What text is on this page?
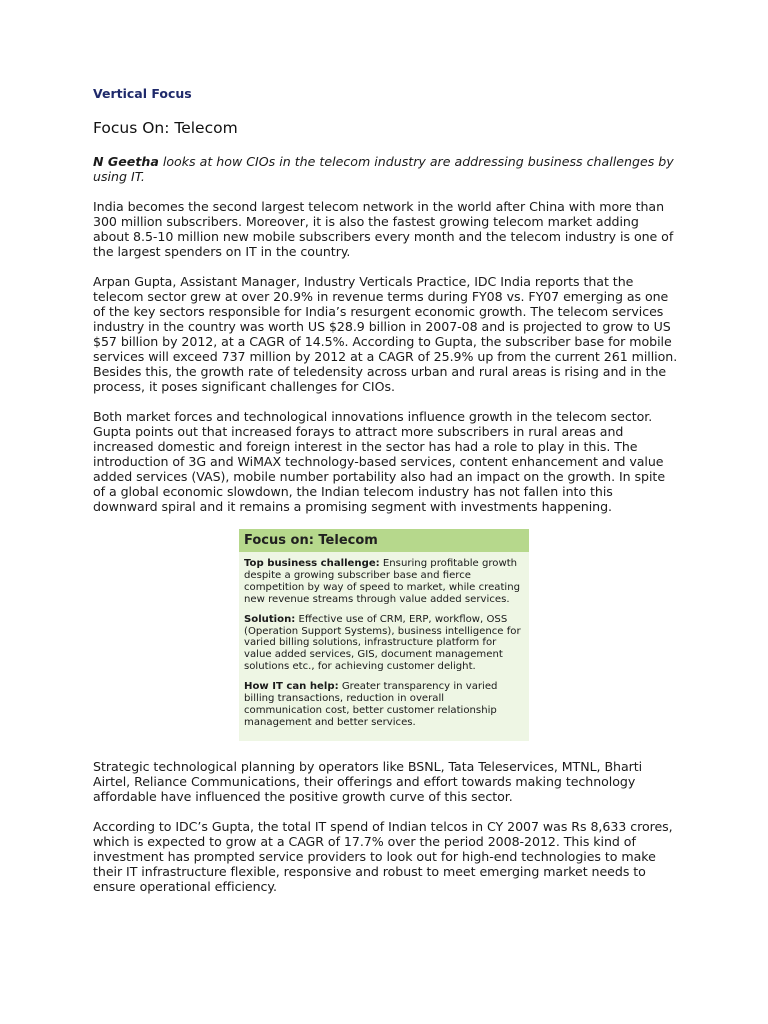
Vertical Focus
Focus On: Telecom

N Geetha looks at how CIOs in the telecom industry are addressing business challenges by using IT.

India becomes the second largest telecom network in the world after China with more than 300 million subscribers. Moreover, it is also the fastest growing telecom market adding about 8.5-10 million new mobile subscribers every month and the telecom industry is one of the largest spenders on IT in the country.

Arpan Gupta, Assistant Manager, Industry Verticals Practice, IDC India reports that the telecom sector grew at over 20.9% in revenue terms during FY08 vs. FY07 emerging as one of the key sectors responsible for India’s resurgent economic growth. The telecom services industry in the country was worth US $28.9 billion in 2007-08 and is projected to grow to US $57 billion by 2012, at a CAGR of 14.5%. According to Gupta, the subscriber base for mobile services will exceed 737 million by 2012 at a CAGR of 25.9% up from the current 261 million. Besides this, the growth rate of teledensity across urban and rural areas is rising and in the process, it poses significant challenges for CIOs.

Both market forces and technological innovations influence growth in the telecom sector. Gupta points out that increased forays to attract more subscribers in rural areas and increased domestic and foreign interest in the sector has had a role to play in this. The introduction of 3G and WiMAX technology-based services, content enhancement and value added services (VAS), mobile number portability also had an impact on the growth. In spite of a global economic slowdown, the Indian telecom industry has not fallen into this downward spiral and it remains a promising segment with investments happening.

Focus on: Telecom

Top business challenge: Ensuring profitable growth despite a growing subscriber base and fierce competition by way of speed to market, while creating new revenue streams through value added services.

Solution: Effective use of CRM, ERP, workflow, OSS (Operation Support Systems), business intelligence for varied billing solutions, infrastructure platform for value added services, GIS, document management solutions etc., for achieving customer delight.

How IT can help: Greater transparency in varied billing transactions, reduction in overall communication cost, better customer relationship management and better services.

Strategic technological planning by operators like BSNL, Tata Teleservices, MTNL, Bharti Airtel, Reliance Communications, their offerings and effort towards making technology affordable have influenced the positive growth curve of this sector.

According to IDC’s Gupta, the total IT spend of Indian telcos in CY 2007 was Rs 8,633 crores, which is expected to grow at a CAGR of 17.7% over the period 2008-2012. This kind of investment has prompted service providers to look out for high-end technologies to make their IT infrastructure flexible, responsive and robust to meet emerging market needs to ensure operational efficiency.
